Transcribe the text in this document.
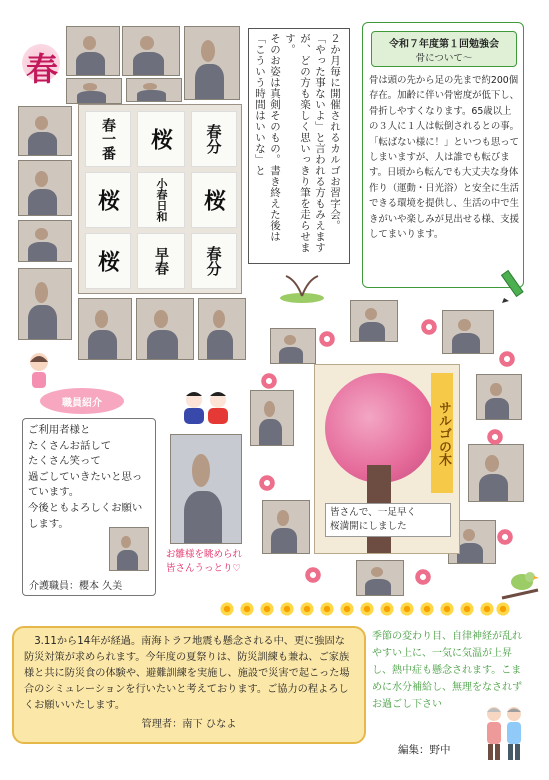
春
春一番	桜	春分
桜	小春日和	桜
桜	早春	春分
２か月毎に開催されるカルゴお習字会。
「やった事ないよ」と言われる方もみえます
が、どの方も楽しく思いっきり筆を走らせます。
そのお姿は真剣そのもの。書き終えた後は
「こういう時間はいいな」と	令和７年度第１回勉強会
骨について〜
骨は頭の先から足の先まで約200個存在。加齢に伴い骨密度が低下し、骨折しやすくなります。65歳以上の３人に１人は転倒されるとの事。「転ばない様に！」といつも思ってしまいますが、人は誰でも転びます。日頃から転んでも大丈夫な身体作り（運動・日光浴）と安全に生活できる環境を提供し、生活の中で生きがいや楽しみが見出せる様、支援してまいります。
職員紹介
ご利用者様と
たくさんお話して
たくさん笑って
過ごしていきたいと思っています。
今後ともよろしくお願いします。
介護職員：櫻本 久美
お雛様を眺められ
皆さんうっとり♡
サルゴの木
皆さんで、一足早く
桜満開にしました
3.11から14年が経過。南海トラフ地震も懸念される中、更に強固な防災対策が求められます。今年度の夏祭りは、防災訓練も兼ね、ご家族様と共に防災食の体験や、避難訓練を実施し、施設で災害で起こった場合のシミュレーションを行いたいと考えております。ご協力の程よろしくお願いいたします。
管理者：南下 ひなよ
季節の変わり目、自律神経が乱れやすい上に、一気に気温が上昇し、熱中症も懸念されます。こまめに水分補給し、無理をなされずお過ごし下さい
編集：野中
